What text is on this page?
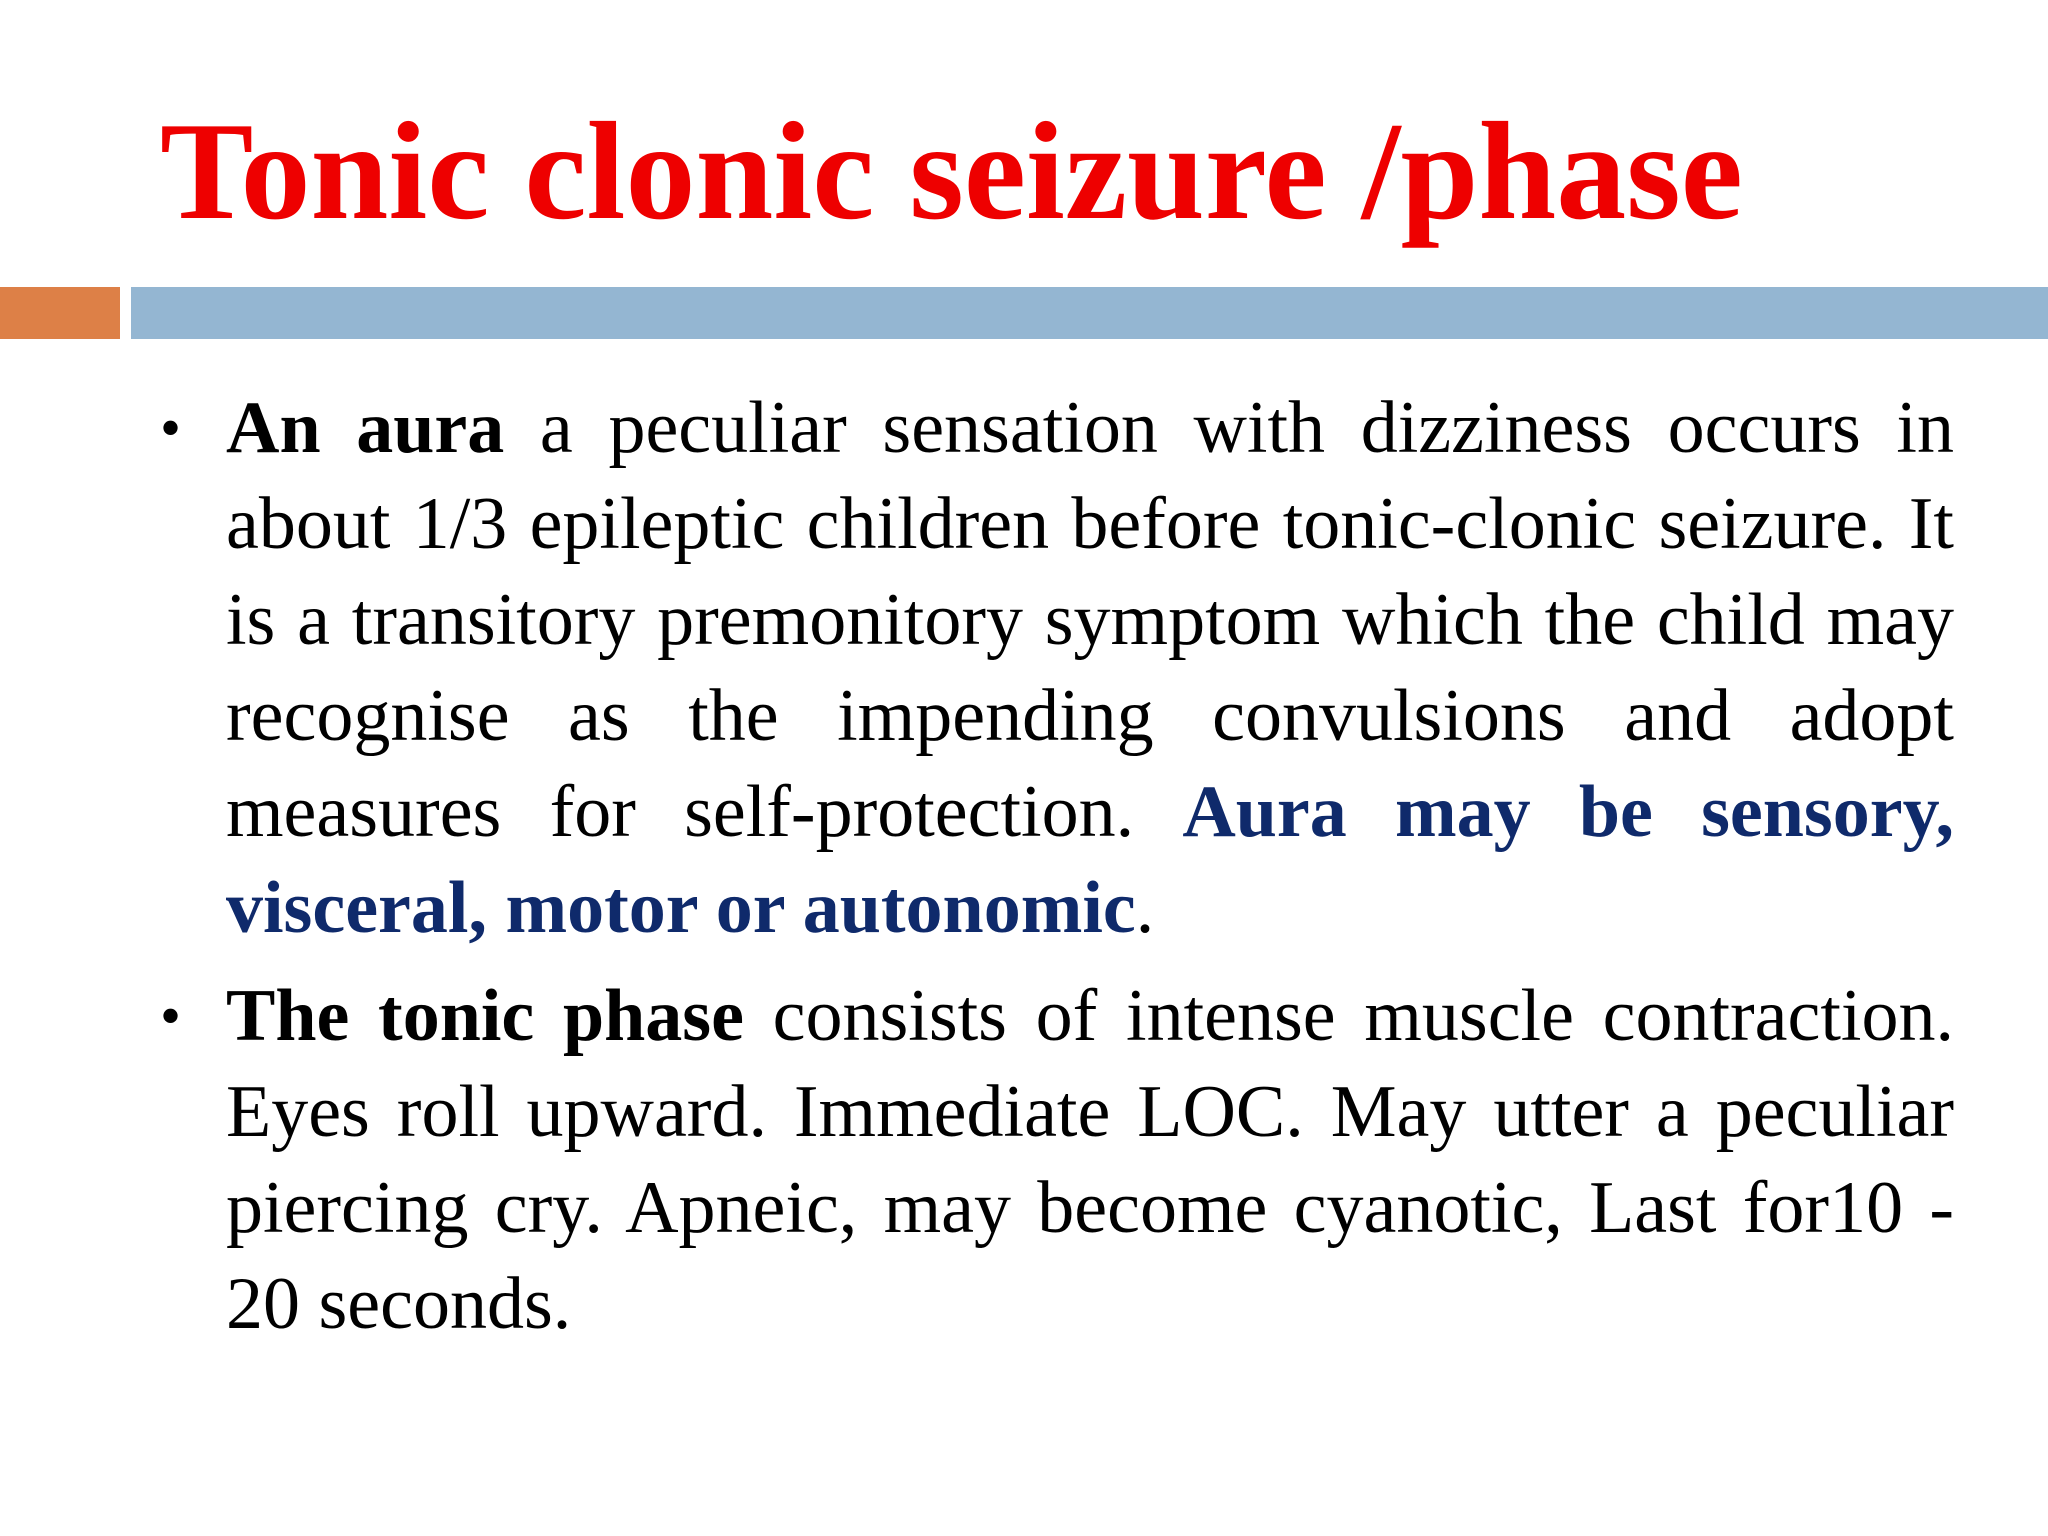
Tonic clonic seizure /phase
• An aura a peculiar sensation with dizziness occurs in about 1/3 epileptic children before tonic-clonic seizure. It is a transitory premonitory symptom which the child may recognise as the impending convulsions and adopt measures for self-protection. Aura may be sensory, visceral, motor or autonomic.
• The tonic phase consists of intense muscle contraction. Eyes roll upward. Immediate LOC. May utter a peculiar piercing cry. Apneic, may become cyanotic, Last for10 - 20 seconds.
